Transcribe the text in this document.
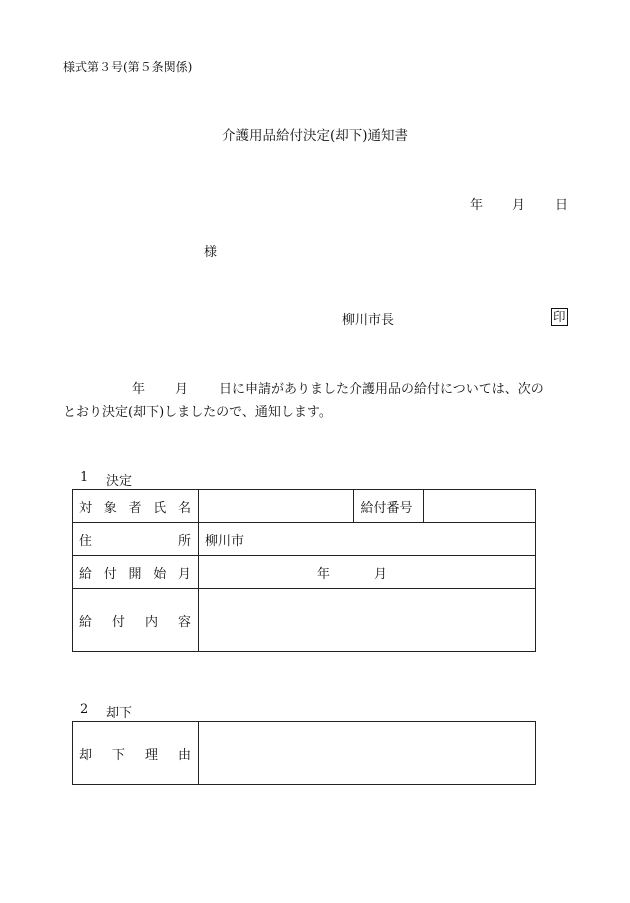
様式第３号(第５条関係)
介護用品給付決定(却下)通知書
年 月 日
様
柳川市長	印
年 月 日に申請がありました介護用品の給付については、次の
とおり決定(却下)しましたので、通知します。
1 決定
対 象 者 氏 名		給付番号	

住 所	柳川市		

給 付 開 始 月	年 月		

給 付 内 容			

2 却下
却 下 理 由
